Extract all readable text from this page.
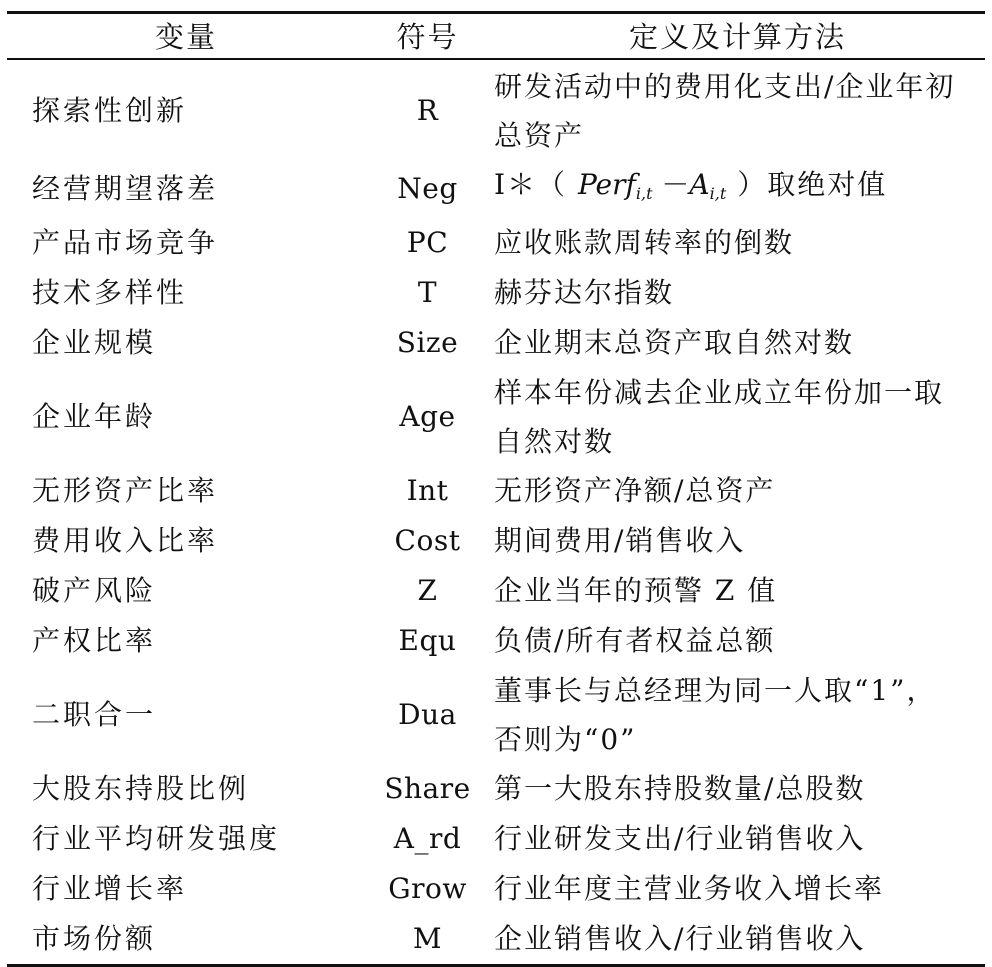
变量	符号	定义及计算方法
探索性创新	R	研发活动中的费用化支出/企业年初总资产
经营期望落差	Neg	I＊（ Perf$_{i,t}$ $-A_{i,t}$ ）取绝对值
产品市场竞争	PC	应收账款周转率的倒数
技术多样性	T	赫芬达尔指数
企业规模	Size	企业期末总资产取自然对数
企业年龄	Age	样本年份减去企业成立年份加一取自然对数
无形资产比率	Int	无形资产净额/总资产
费用收入比率	Cost	期间费用/销售收入
破产风险	Z	企业当年的预警 Z 值
产权比率	Equ	负债/所有者权益总额
二职合一	Dua	董事长与总经理为同一人取“1”，否则为“0”
大股东持股比例	Share	第一大股东持股数量/总股数
行业平均研发强度	A_rd	行业研发支出/行业销售收入
行业增长率	Grow	行业年度主营业务收入增长率
市场份额	M	企业销售收入/行业销售收入
